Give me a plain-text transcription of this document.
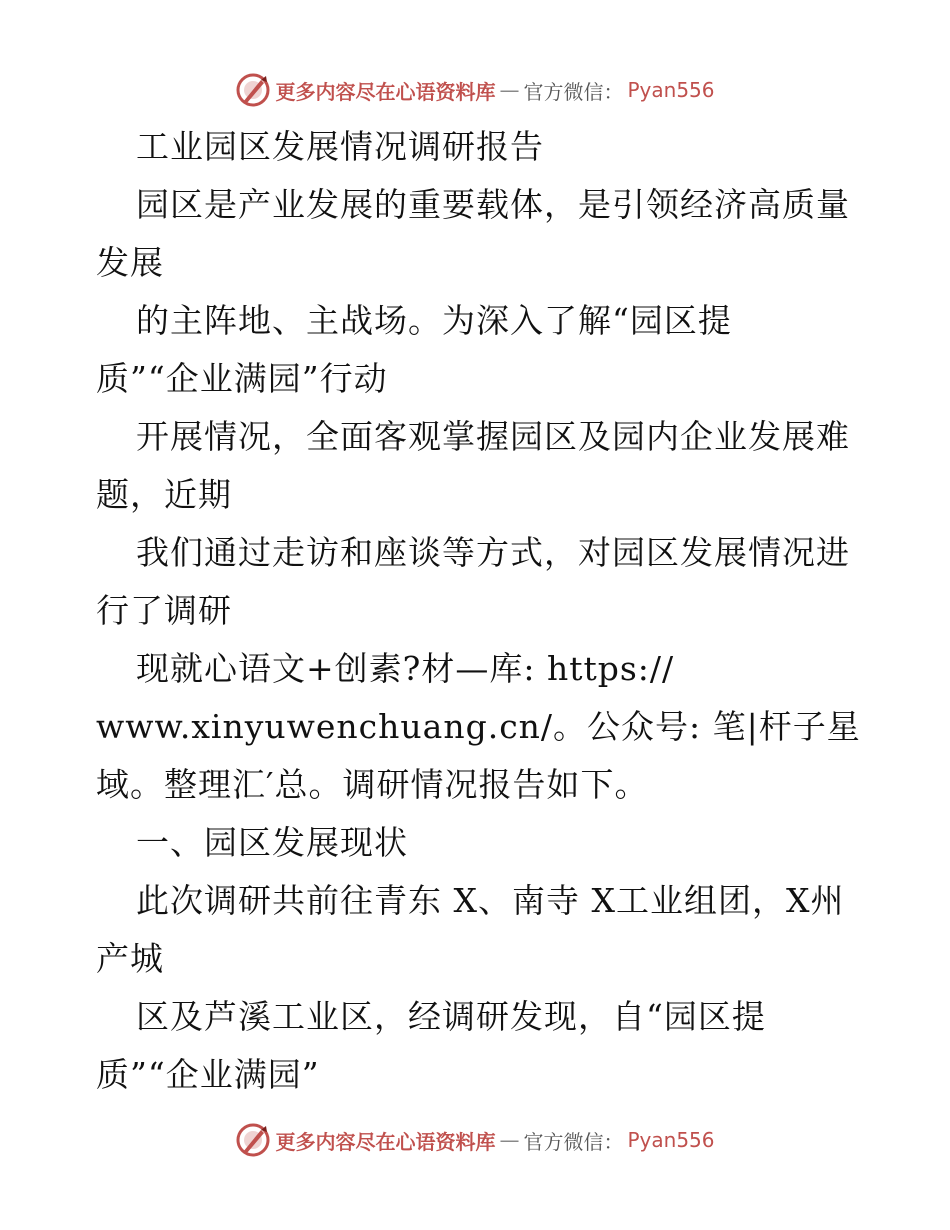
更多内容尽在心语资料库 — 官方微信： Pyan556
工业园区发展情况调研报告
园区是产业发展的重要载体，是引领经济高质量
发展
的主阵地、主战场。为深入了解“园区提
质”“企业满园”行动
开展情况，全面客观掌握园区及园内企业发展难
题，近期
我们通过走访和座谈等方式，对园区发展情况进
行了调研
现就心语文+创素?材—库: https://
www.xinyuwenchuang.cn/。公众号: 笔|杆子星
域。整理汇′总。调研情况报告如下。
一、园区发展现状
此次调研共前往青东 X、南寺 X工业组团，X州
产城
区及芦溪工业区，经调研发现，自“园区提
质”“企业满园”
更多内容尽在心语资料库 — 官方微信： Pyan556
